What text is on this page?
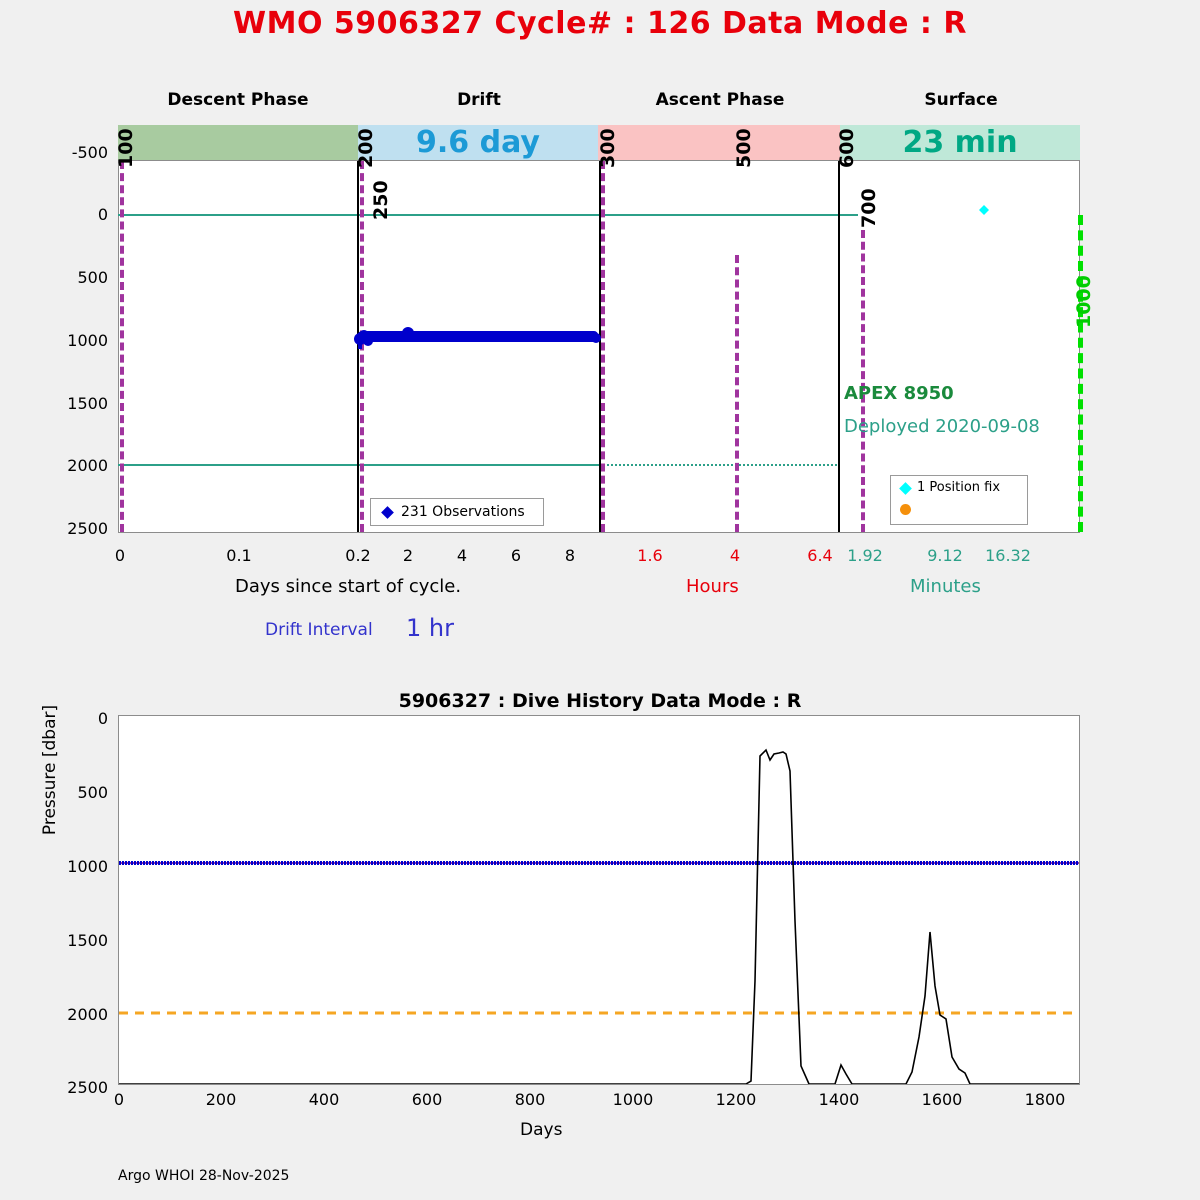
WMO 5906327 Cycle# : 126 Data Mode : R
Descent Phase	Drift	Ascent Phase	Surface
9.6 day	23 min
-500
0
500
1000
1500
2000
2500
100	200
250
300	500	600
700
1000
APEX 8950
Deployed 2020-09-08
231 Observations
1 Position fix
0	0.1	0.2	2	4	6	8	1.6	4	6.4 1.92	9.12	16.32
Days since start of cycle.	Hours	Minutes
Drift Interval 1 hr
5906327 : Dive History Data Mode : R
0
500
1000
1500
2000
2500
0	200	400	600	800	1000	1200	1400	1600	1800
Pressure [dbar]
Days
Argo WHOI 28-Nov-2025
